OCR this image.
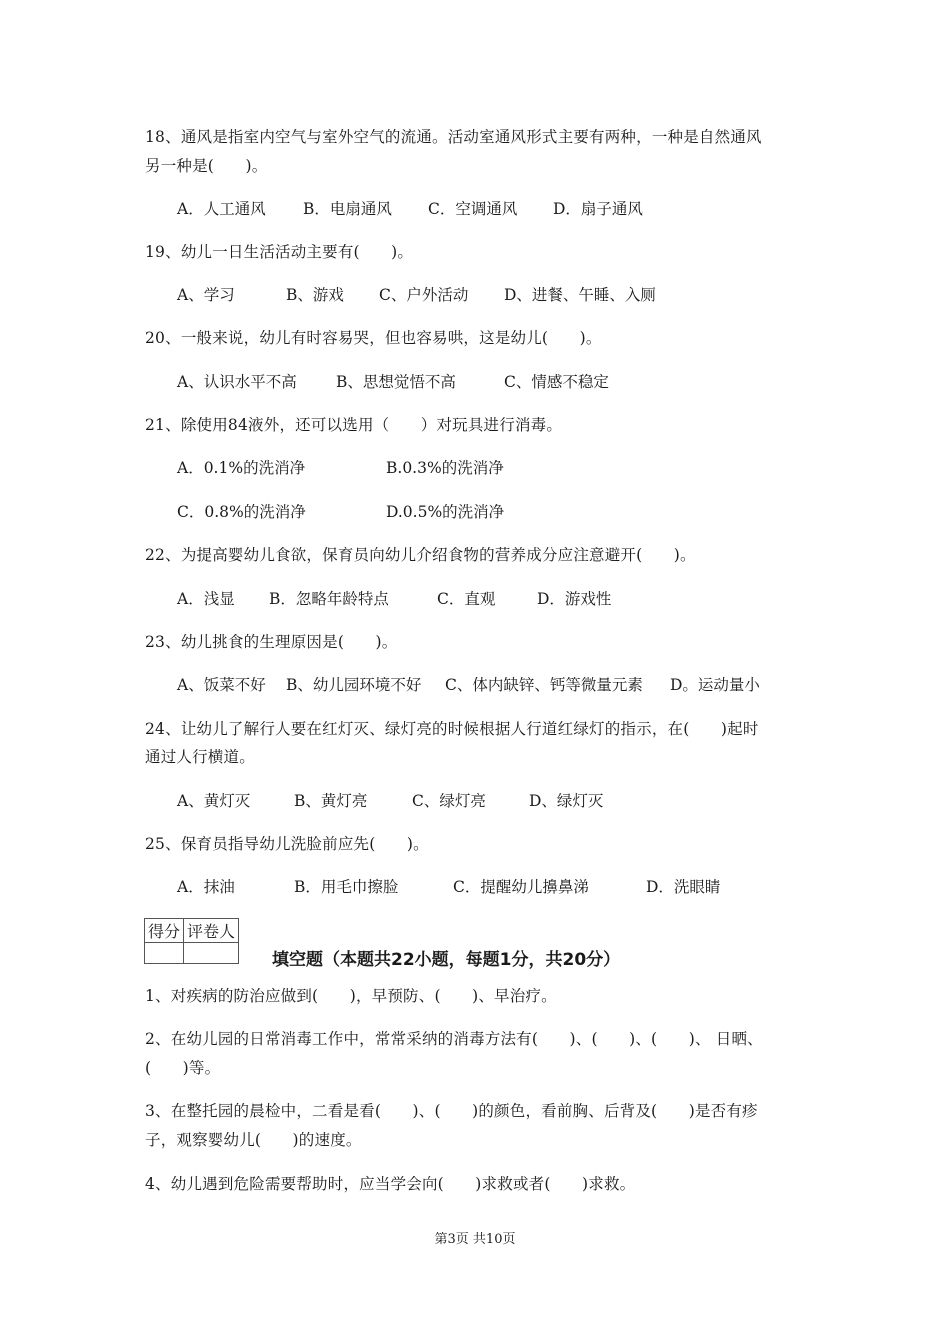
18、通风是指室内空气与室外空气的流通。活动室通风形式主要有两种，一种是自然通风
另一种是(　　)。
A．人工通风 B．电扇通风 C．空调通风 D．扇子通风
19、幼儿一日生活活动主要有(　　)。
A、学习	B、游戏 C、户外活动 D、进餐、午睡、入厕
20、一般来说，幼儿有时容易哭，但也容易哄，这是幼儿(　　)。
A、认识水平不高	B、思想觉悟不高	C、情感不稳定
21、除使用84液外，还可以选用（　　）对玩具进行消毒。
A．0.1%的洗消净	B.0.3%的洗消净
C．0.8%的洗消净	D.0.5%的洗消净
22、为提高婴幼儿食欲，保育员向幼儿介绍食物的营养成分应注意避开(　　)。
A．浅显 B．忽略年龄特点	C．直观	D．游戏性
23、幼儿挑食的生理原因是(　　)。
A、饭菜不好 B、幼儿园环境不好 C、体内缺锌、钙等微量元素 D。运动量小
24、让幼儿了解行人要在红灯灭、绿灯亮的时候根据人行道红绿灯的指示，在(　　)起时
通过人行横道。
A、黄灯灭	B、黄灯亮	C、绿灯亮	D、绿灯灭
25、保育员指导幼儿洗脸前应先(　　)。
A．抹油	B．用毛巾擦脸	C．提醒幼儿擤鼻涕	D．洗眼睛
得分	评卷人

填空题（本题共22小题，每题1分，共20分）
1、对疾病的防治应做到(　　)，早预防、(　　)、早治疗。
2、在幼儿园的日常消毒工作中，常常采纳的消毒方法有(　　)、(　　)、(　　)、 日晒、
(　　)等。
3、在整托园的晨检中，二看是看(　　)、(　　)的颜色，看前胸、后背及(　　)是否有疹
子，观察婴幼儿(　　)的速度。
4、幼儿遇到危险需要帮助时，应当学会向(　　)求救或者(　　)求救。
第3页 共10页
